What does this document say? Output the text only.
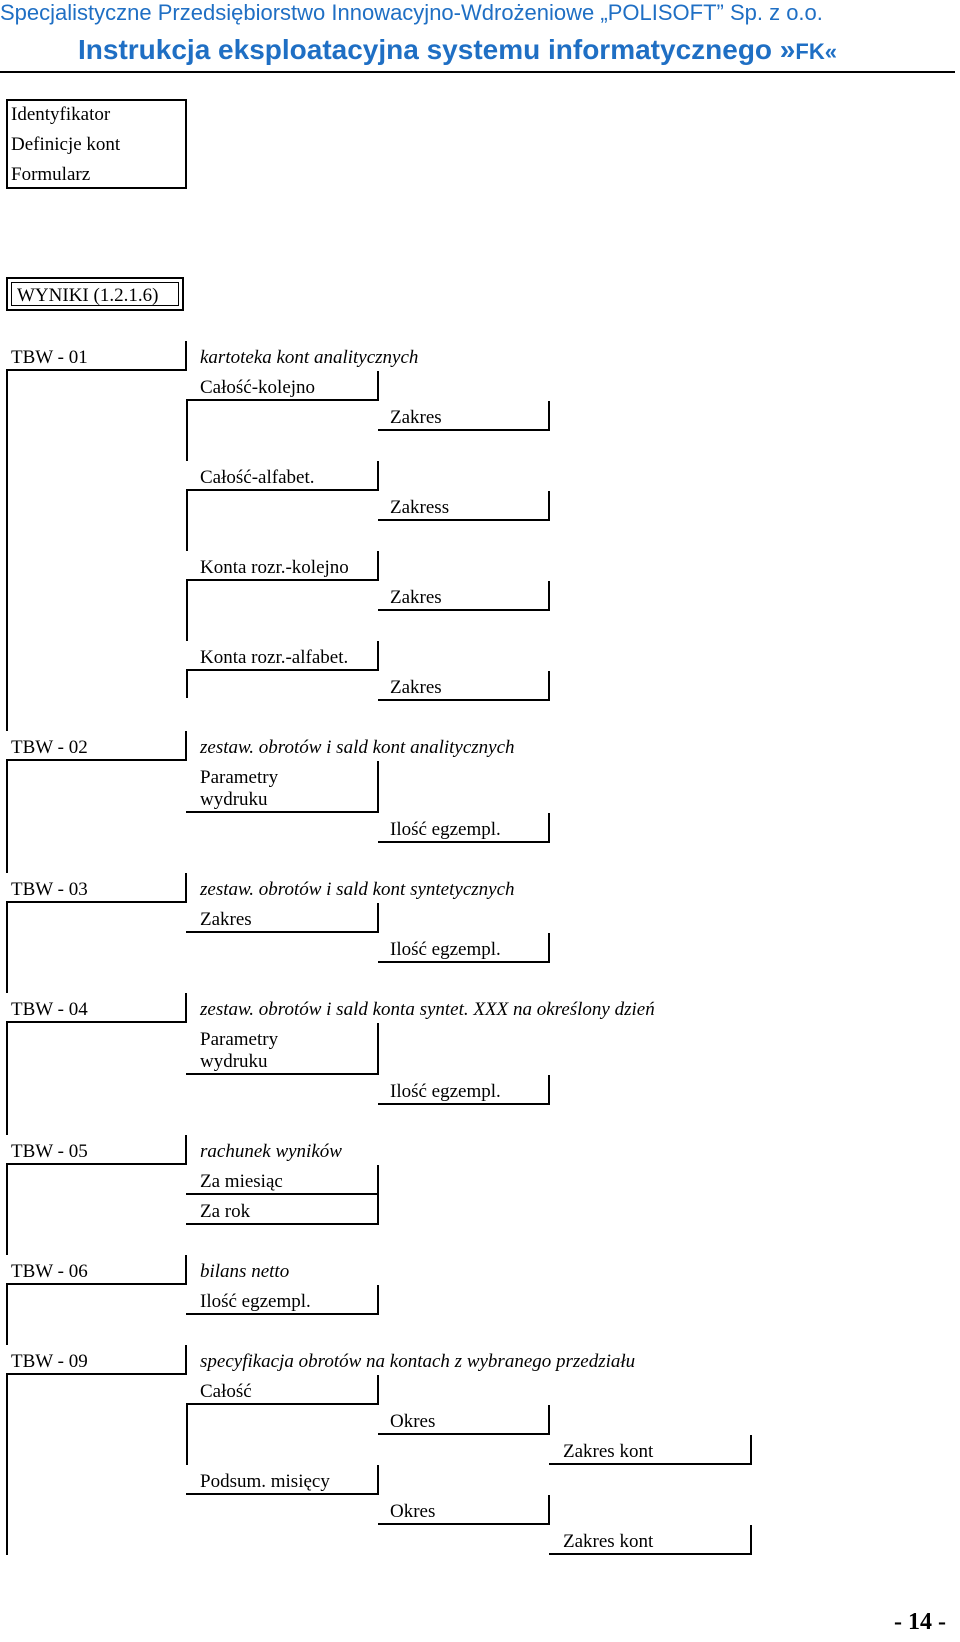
Specjalistyczne Przedsiębiorstwo Innowacyjno-Wdrożeniowe „POLISOFT” Sp. z o.o.
Instrukcja eksploatacyjna systemu informatycznego »FK«
Identyfikator
Definicje kont
Formularz
WYNIKI (1.2.1.6)
TBW - 01	kartoteka kont analitycznych
Całość-kolejno
Zakres
Całość-alfabet.
Zakress
Konta rozr.-kolejno
Zakres
Konta rozr.-alfabet.
Zakres
TBW - 02	zestaw. obrotów i sald kont analitycznych
Parametry
wydruku
Ilość egzempl.
TBW - 03	zestaw. obrotów i sald kont syntetycznych
Zakres
Ilość egzempl.
TBW - 04	zestaw. obrotów i sald konta syntet. XXX na określony dzień
Parametry
wydruku
Ilość egzempl.
TBW - 05	rachunek wyników
Za miesiąc
Za rok
TBW - 06	bilans netto
Ilość egzempl.
TBW - 09	specyfikacja obrotów na kontach z wybranego przedziału
Całość
Okres
Zakres kont
Podsum. misięcy
Okres
Zakres kont
- 14 -
